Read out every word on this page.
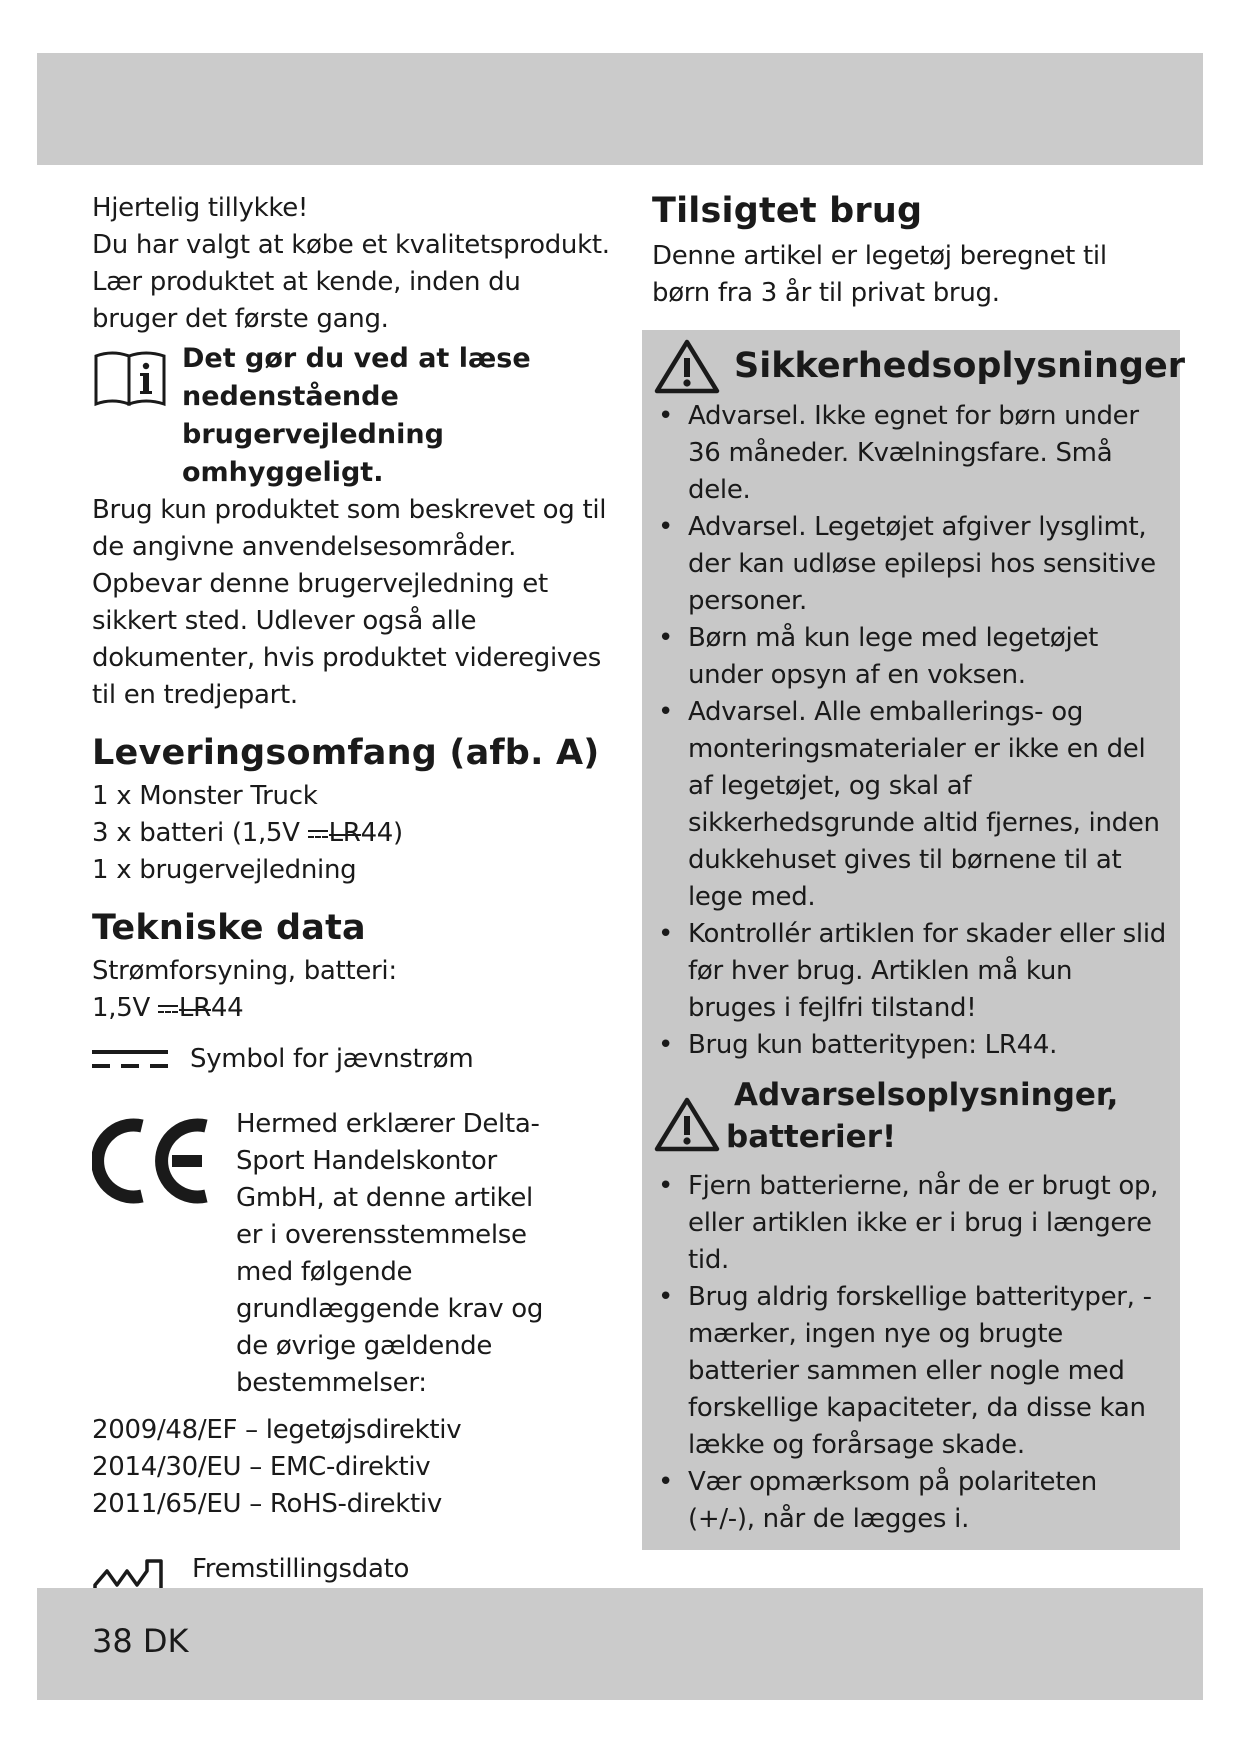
Hjertelig tillykke!

Du har valgt at købe et kvalitetsprodukt.

Lær produktet at kende, inden du bruger det første gang.

Det gør du ved at læse nedenstående brugervejledning omhyggeligt.

Brug kun produktet som beskrevet og til de angivne anvendelsesområder. Opbevar denne brugervejledning et sikkert sted. Udlever også alle dokumenter, hvis produktet videregives til en tredjepart.

Leveringsomfang (afb. A)

1 x Monster Truck

3 x batteri (1,5V LR44)

1 x brugervejledning

Tekniske data

Strømforsyning, batteri:

1,5V LR44

Symbol for jævnstrøm

Hermed erklærer Delta-Sport Handelskontor GmbH, at denne artikel er i overensstemmelse med følgende grundlæggende krav og de øvrige gældende bestemmelser:

2009/48/EF – legetøjsdirektiv

2014/30/EU – EMC-direktiv

2011/65/EU – RoHS-direktiv

Fremstillingsdato

Tilsigtet brug

Denne artikel er legetøj beregnet til børn fra 3 år til privat brug.

Sikkerhedsoplysninger
• Advarsel. Ikke egnet for børn under 36 måneder. Kvælningsfare. Små dele.
• Advarsel. Legetøjet afgiver lysglimt, der kan udløse epilepsi hos sensitive personer.
• Børn må kun lege med legetøjet under opsyn af en voksen.
• Advarsel. Alle emballerings- og monteringsmaterialer er ikke en del af legetøjet, og skal af sikkerhedsgrunde altid fjernes, inden dukkehuset gives til børnene til at lege med.
• Kontrollér artiklen for skader eller slid før hver brug. Artiklen må kun bruges i fejlfri tilstand!
• Brug kun batteritypen: LR44.

Advarselsoplysninger,

batterier!

• Fjern batterierne, når de er brugt op, eller artiklen ikke er i brug i længere tid.
• Brug aldrig forskellige batterityper, -mærker, ingen nye og brugte batterier sammen eller nogle med forskellige kapaciteter, da disse kan lække og forårsage skade.
• Vær opmærksom på polariteten (+/-), når de lægges i.
38 DK
